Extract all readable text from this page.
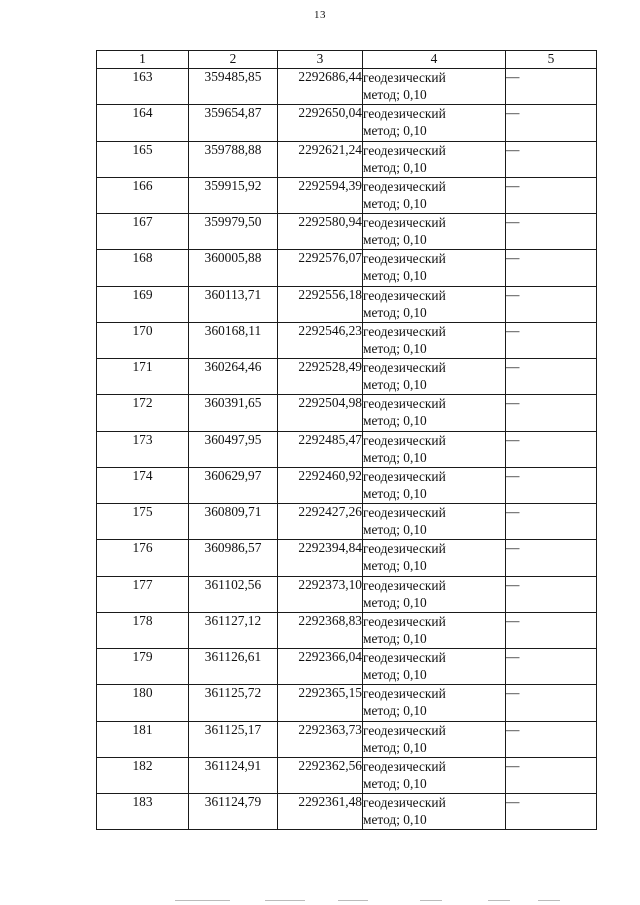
13
1	2	3	4	5
163	359485,85	2292686,44	геодезический
метод; 0,10	—
164	359654,87	2292650,04	геодезический
метод; 0,10	—
165	359788,88	2292621,24	геодезический
метод; 0,10	—
166	359915,92	2292594,39	геодезический
метод; 0,10	—
167	359979,50	2292580,94	геодезический
метод; 0,10	—
168	360005,88	2292576,07	геодезический
метод; 0,10	—
169	360113,71	2292556,18	геодезический
метод; 0,10	—
170	360168,11	2292546,23	геодезический
метод; 0,10	—
171	360264,46	2292528,49	геодезический
метод; 0,10	—
172	360391,65	2292504,98	геодезический
метод; 0,10	—
173	360497,95	2292485,47	геодезический
метод; 0,10	—
174	360629,97	2292460,92	геодезический
метод; 0,10	—
175	360809,71	2292427,26	геодезический
метод; 0,10	—
176	360986,57	2292394,84	геодезический
метод; 0,10	—
177	361102,56	2292373,10	геодезический
метод; 0,10	—
178	361127,12	2292368,83	геодезический
метод; 0,10	—
179	361126,61	2292366,04	геодезический
метод; 0,10	—
180	361125,72	2292365,15	геодезический
метод; 0,10	—
181	361125,17	2292363,73	геодезический
метод; 0,10	—
182	361124,91	2292362,56	геодезический
метод; 0,10	—
183	361124,79	2292361,48	геодезический
метод; 0,10	—
